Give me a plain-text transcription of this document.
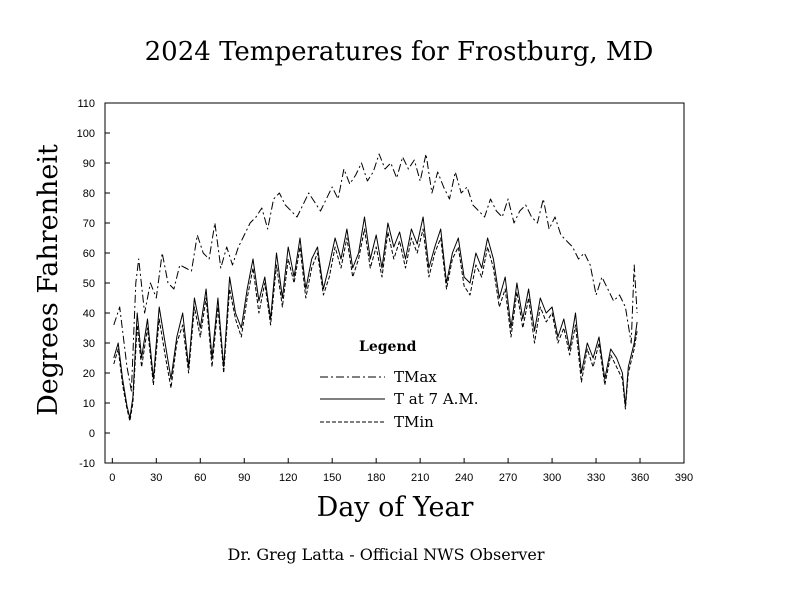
2024 Temperatures for Frostburg, MD
-10
0
10
20
30
40
50
60
70
80
90
100
110
0	30	60	90	120 150 180 210 240 270 300 330 360 390
Degrees Fahrenheit
Day of Year
Legend
TMax
T at 7 A.M.
TMin
Dr. Greg Latta - Official NWS Observer
